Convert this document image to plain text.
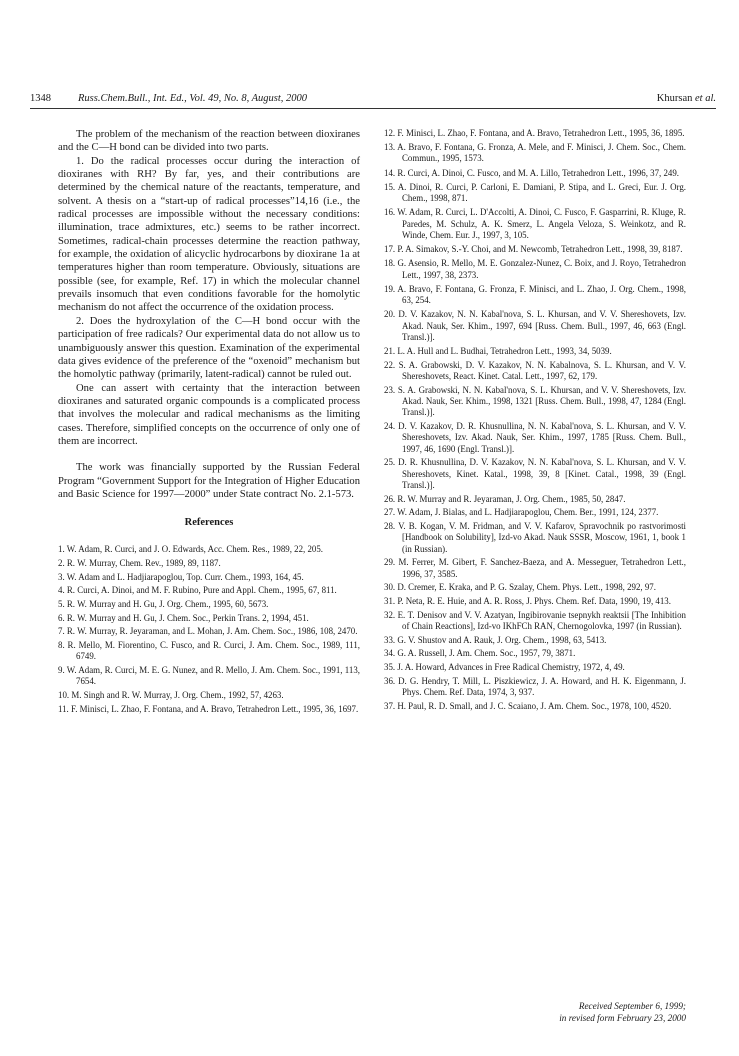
1348	Russ.Chem.Bull., Int. Ed., Vol. 49, No. 8, August, 2000	Khursan et al.

The problem of the mechanism of the reaction between dioxiranes and the C—H bond can be divided into two parts.

1. Do the radical processes occur during the interaction of dioxiranes with RH? By far, yes, and their contributions are determined by the chemical nature of the reactants, temperature, and solvent. A thesis on a “start-up of radical processes”14,16 (i.e., the radical processes are impossible without the necessary conditions: illumination, trace admixtures, etc.) seems to be rather incorrect. Sometimes, radical-chain processes determine the reaction pathway, for example, the oxidation of alicyclic hydrocarbons by dioxirane 1a at temperatures higher than room temperature. Obviously, situations are possible (see, for example, Ref. 17) in which the molecular channel prevails insomuch that even conditions favorable for the homolytic mechanism do not affect the occurrence of the oxidation process.

2. Does the hydroxylation of the C—H bond occur with the participation of free radicals? Our experimental data do not allow us to unambiguously answer this question. Examination of the experimental data gives evidence of the preference of the “oxenoid” mechanism but the homolytic pathway (primarily, latent-radical) cannot be ruled out.

One can assert with certainty that the interaction between dioxiranes and saturated organic compounds is a complicated process that involves the molecular and radical mechanisms as the limiting cases. Therefore, simplified concepts on the occurrence of only one of them are incorrect.

The work was financially supported by the Russian Federal Program “Government Support for the Integration of Higher Education and Basic Science for 1997—2000” under State contract No. 2.1-573.

References

1. W. Adam, R. Curci, and J. O. Edwards, Acc. Chem. Res., 1989, 22, 205.

2. R. W. Murray, Chem. Rev., 1989, 89, 1187.

3. W. Adam and L. Hadjiarapoglou, Top. Curr. Chem., 1993, 164, 45.

4. R. Curci, A. Dinoi, and M. F. Rubino, Pure and Appl. Chem., 1995, 67, 811.

5. R. W. Murray and H. Gu, J. Org. Chem., 1995, 60, 5673.

6. R. W. Murray and H. Gu, J. Chem. Soc., Perkin Trans. 2, 1994, 451.

7. R. W. Murray, R. Jeyaraman, and L. Mohan, J. Am. Chem. Soc., 1986, 108, 2470.

8. R. Mello, M. Fiorentino, C. Fusco, and R. Curci, J. Am. Chem. Soc., 1989, 111, 6749.

9. W. Adam, R. Curci, M. E. G. Nunez, and R. Mello, J. Am. Chem. Soc., 1991, 113, 7654.

10. M. Singh and R. W. Murray, J. Org. Chem., 1992, 57, 4263.

11. F. Minisci, L. Zhao, F. Fontana, and A. Bravo, Tetrahedron Lett., 1995, 36, 1697.

12. F. Minisci, L. Zhao, F. Fontana, and A. Bravo, Tetrahedron Lett., 1995, 36, 1895.

13. A. Bravo, F. Fontana, G. Fronza, A. Mele, and F. Minisci, J. Chem. Soc., Chem. Commun., 1995, 1573.

14. R. Curci, A. Dinoi, C. Fusco, and M. A. Lillo, Tetrahedron Lett., 1996, 37, 249.

15. A. Dinoi, R. Curci, P. Carloni, E. Damiani, P. Stipa, and L. Greci, Eur. J. Org. Chem., 1998, 871.

16. W. Adam, R. Curci, L. D'Accolti, A. Dinoi, C. Fusco, F. Gasparrini, R. Kluge, R. Paredes, M. Schulz, A. K. Smerz, L. Angela Veloza, S. Weinkotz, and R. Winde, Chem. Eur. J., 1997, 3, 105.

17. P. A. Simakov, S.-Y. Choi, and M. Newcomb, Tetrahedron Lett., 1998, 39, 8187.

18. G. Asensio, R. Mello, M. E. Gonzalez-Nunez, C. Boix, and J. Royo, Tetrahedron Lett., 1997, 38, 2373.

19. A. Bravo, F. Fontana, G. Fronza, F. Minisci, and L. Zhao, J. Org. Chem., 1998, 63, 254.

20. D. V. Kazakov, N. N. Kabal'nova, S. L. Khursan, and V. V. Shereshovets, Izv. Akad. Nauk, Ser. Khim., 1997, 694 [Russ. Chem. Bull., 1997, 46, 663 (Engl. Transl.)].

21. L. A. Hull and L. Budhai, Tetrahedron Lett., 1993, 34, 5039.

22. S. A. Grabowski, D. V. Kazakov, N. N. Kabalnova, S. L. Khursan, and V. V. Shereshovets, React. Kinet. Catal. Lett., 1997, 62, 179.

23. S. A. Grabowski, N. N. Kabal'nova, S. L. Khursan, and V. V. Shereshovets, Izv. Akad. Nauk, Ser. Khim., 1998, 1321 [Russ. Chem. Bull., 1998, 47, 1284 (Engl. Transl.)].

24. D. V. Kazakov, D. R. Khusnullina, N. N. Kabal'nova, S. L. Khursan, and V. V. Shereshovets, Izv. Akad. Nauk, Ser. Khim., 1997, 1785 [Russ. Chem. Bull., 1997, 46, 1690 (Engl. Transl.)].

25. D. R. Khusnullina, D. V. Kazakov, N. N. Kabal'nova, S. L. Khursan, and V. V. Shereshovets, Kinet. Katal., 1998, 39, 8 [Kinet. Catal., 1998, 39 (Engl. Transl.)].

26. R. W. Murray and R. Jeyaraman, J. Org. Chem., 1985, 50, 2847.

27. W. Adam, J. Bialas, and L. Hadjiarapoglou, Chem. Ber., 1991, 124, 2377.

28. V. B. Kogan, V. M. Fridman, and V. V. Kafarov, Spravochnik po rastvorimosti [Handbook on Solubility], Izd-vo Akad. Nauk SSSR, Moscow, 1961, 1, book 1 (in Russian).

29. M. Ferrer, M. Gibert, F. Sanchez-Baeza, and A. Messeguer, Tetrahedron Lett., 1996, 37, 3585.

30. D. Cremer, E. Kraka, and P. G. Szalay, Chem. Phys. Lett., 1998, 292, 97.

31. P. Neta, R. E. Huie, and A. R. Ross, J. Phys. Chem. Ref. Data, 1990, 19, 413.

32. E. T. Denisov and V. V. Azatyan, Ingibirovanie tsepnykh reaktsii [The Inhibition of Chain Reactions], Izd-vo IKhFCh RAN, Chernogolovka, 1997 (in Russian).

33. G. V. Shustov and A. Rauk, J. Org. Chem., 1998, 63, 5413.

34. G. A. Russell, J. Am. Chem. Soc., 1957, 79, 3871.

35. J. A. Howard, Advances in Free Radical Chemistry, 1972, 4, 49.

36. D. G. Hendry, T. Mill, L. Piszkiewicz, J. A. Howard, and H. K. Eigenmann, J. Phys. Chem. Ref. Data, 1974, 3, 937.

37. H. Paul, R. D. Small, and J. C. Scaiano, J. Am. Chem. Soc., 1978, 100, 4520.

Received September 6, 1999;
in revised form February 23, 2000
